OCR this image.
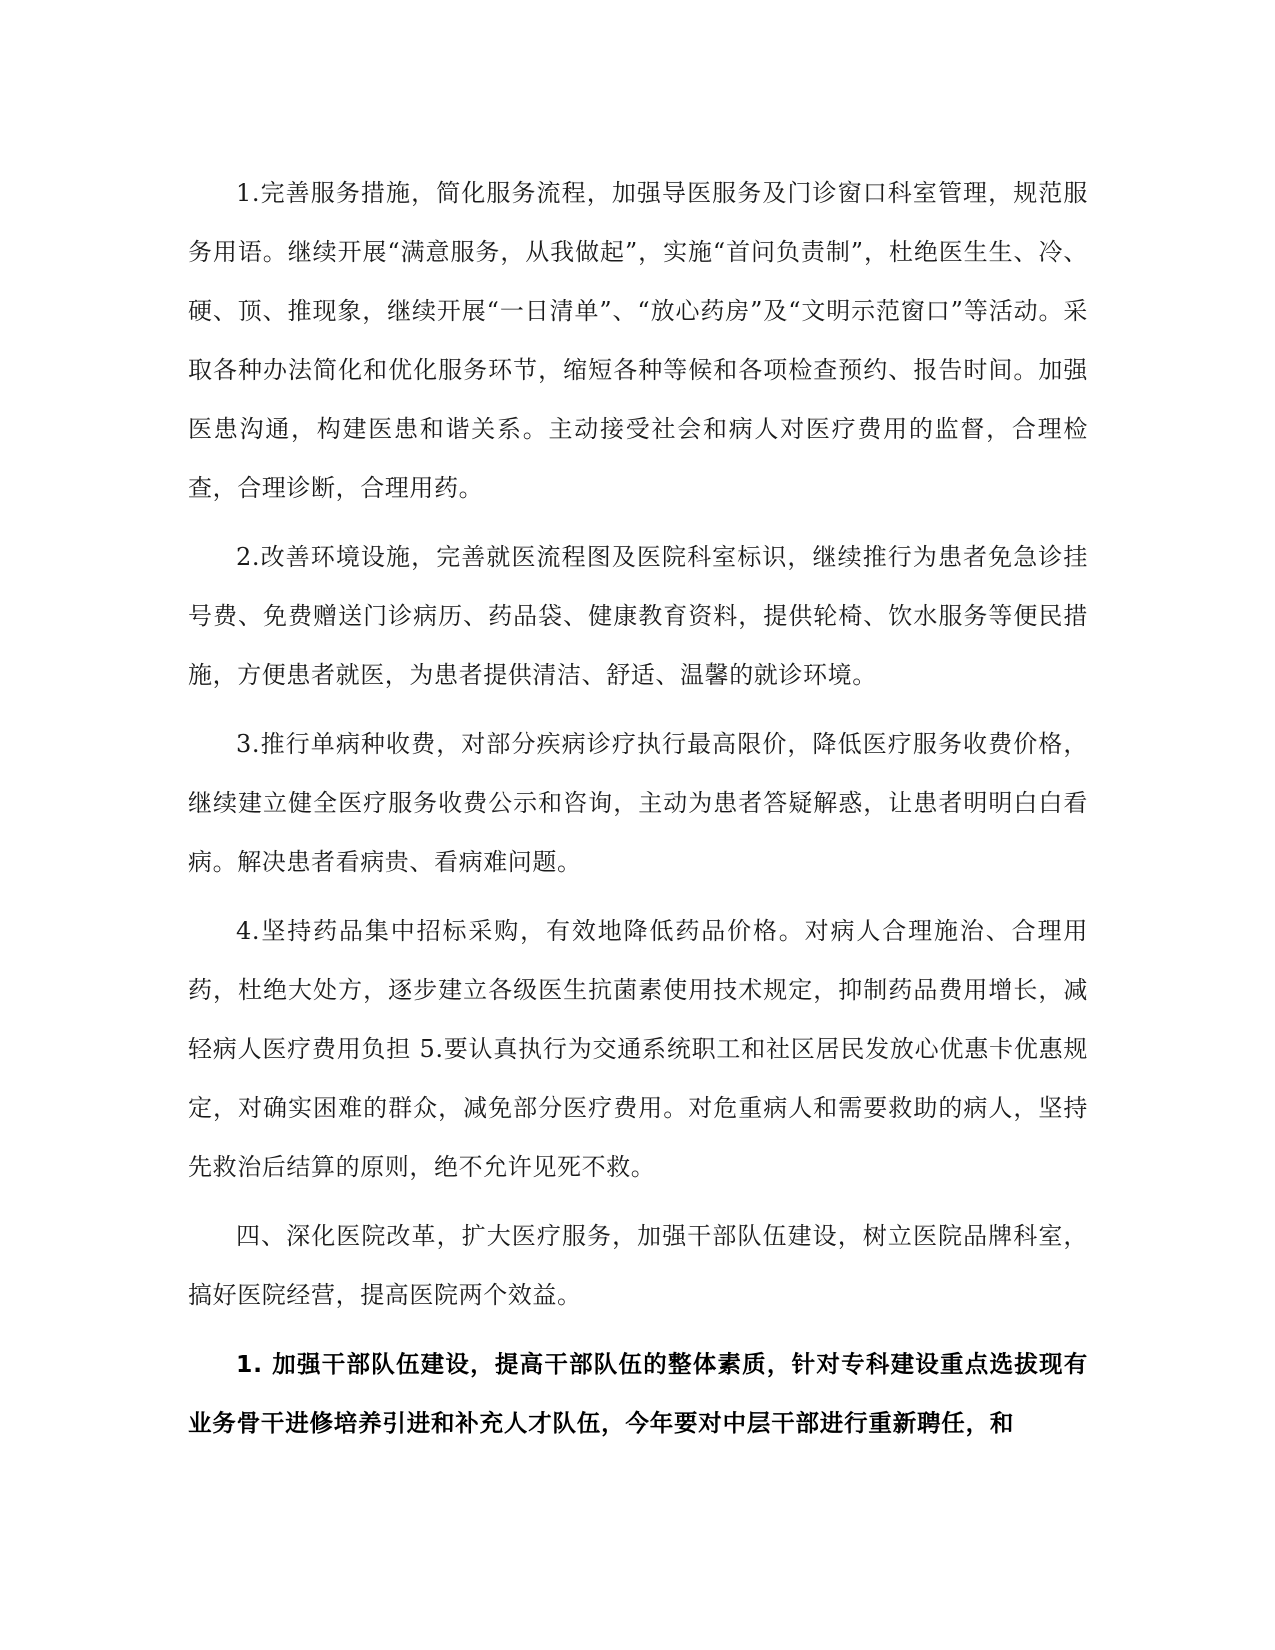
1.完善服务措施，简化服务流程，加强导医服务及门诊窗口科室管理，规范服务用语。继续开展“满意服务，从我做起”，实施“首问负责制”，杜绝医生生、冷、硬、顶、推现象，继续开展“一日清单”、“放心药房”及“文明示范窗口”等活动。采取各种办法简化和优化服务环节，缩短各种等候和各项检查预约、报告时间。加强医患沟通，构建医患和谐关系。主动接受社会和病人对医疗费用的监督，合理检查，合理诊断，合理用药。

2.改善环境设施，完善就医流程图及医院科室标识，继续推行为患者免急诊挂号费、免费赠送门诊病历、药品袋、健康教育资料，提供轮椅、饮水服务等便民措施，方便患者就医，为患者提供清洁、舒适、温馨的就诊环境。

3.推行单病种收费，对部分疾病诊疗执行最高限价，降低医疗服务收费价格，继续建立健全医疗服务收费公示和咨询，主动为患者答疑解惑，让患者明明白白看病。解决患者看病贵、看病难问题。

4.坚持药品集中招标采购，有效地降低药品价格。对病人合理施治、合理用药，杜绝大处方，逐步建立各级医生抗菌素使用技术规定，抑制药品费用增长，减轻病人医疗费用负担 5.要认真执行为交通系统职工和社区居民发放心优惠卡优惠规定，对确实困难的群众，减免部分医疗费用。对危重病人和需要救助的病人，坚持先救治后结算的原则，绝不允许见死不救。

四、深化医院改革，扩大医疗服务，加强干部队伍建设，树立医院品牌科室，搞好医院经营，提高医院两个效益。

1. 加强干部队伍建设，提高干部队伍的整体素质，针对专科建设重点选拔现有业务骨干进修培养引进和补充人才队伍，今年要对中层干部进行重新聘任，和
